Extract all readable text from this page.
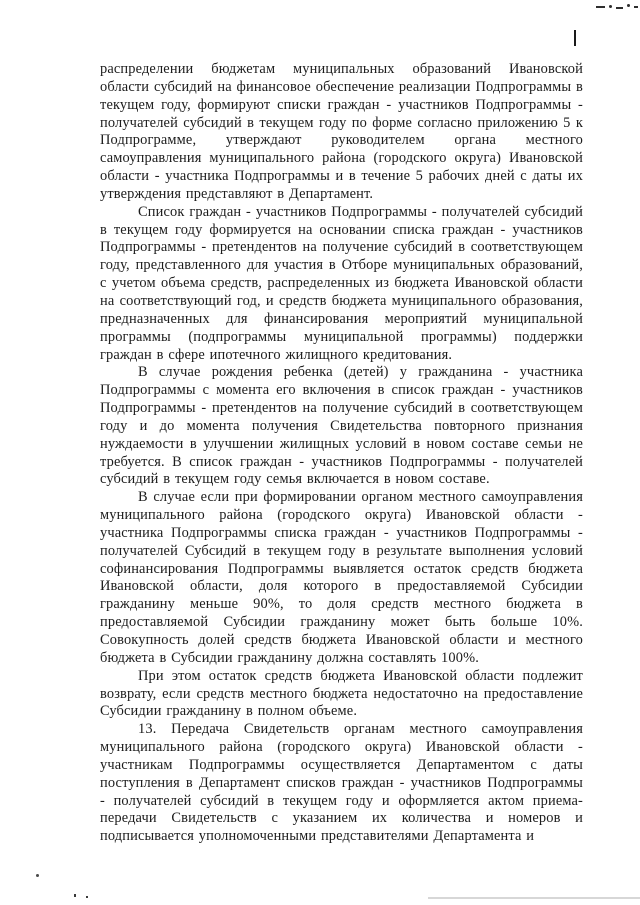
распределении бюджетам муниципальных образований Ивановской области субсидий на финансовое обеспечение реализации Подпрограммы в текущем году, формируют списки граждан - участников Подпрограммы - получателей субсидий в текущем году по форме согласно приложению 5 к Подпрограмме, утверждают руководителем органа местного самоуправления муниципального района (городского округа) Ивановской области - участника Подпрограммы и в течение 5 рабочих дней с даты их утверждения представляют в Департамент.

Список граждан - участников Подпрограммы - получателей субсидий в текущем году формируется на основании списка граждан - участников Подпрограммы - претендентов на получение субсидий в соответствующем году, представленного для участия в Отборе муниципальных образований, с учетом объема средств, распределенных из бюджета Ивановской области на соответствующий год, и средств бюджета муниципального образования, предназначенных для финансирования мероприятий муниципальной программы (подпрограммы муниципальной программы) поддержки граждан в сфере ипотечного жилищного кредитования.

В случае рождения ребенка (детей) у гражданина - участника Подпрограммы с момента его включения в список граждан - участников Подпрограммы - претендентов на получение субсидий в соответствующем году и до момента получения Свидетельства повторного признания нуждаемости в улучшении жилищных условий в новом составе семьи не требуется. В список граждан - участников Подпрограммы - получателей субсидий в текущем году семья включается в новом составе.

В случае если при формировании органом местного самоуправления муниципального района (городского округа) Ивановской области - участника Подпрограммы списка граждан - участников Подпрограммы - получателей Субсидий в текущем году в результате выполнения условий софинансирования Подпрограммы выявляется остаток средств бюджета Ивановской области, доля которого в предоставляемой Субсидии гражданину меньше 90%, то доля средств местного бюджета в предоставляемой Субсидии гражданину может быть больше 10%. Совокупность долей средств бюджета Ивановской области и местного бюджета в Субсидии гражданину должна составлять 100%.

При этом остаток средств бюджета Ивановской области подлежит возврату, если средств местного бюджета недостаточно на предоставление Субсидии гражданину в полном объеме.

13. Передача Свидетельств органам местного самоуправления муниципального района (городского округа) Ивановской области - участникам Подпрограммы осуществляется Департаментом с даты поступления в Департамент списков граждан - участников Подпрограммы - получателей субсидий в текущем году и оформляется актом приема-передачи Свидетельств с указанием их количества и номеров и подписывается уполномоченными представителями Департамента и
